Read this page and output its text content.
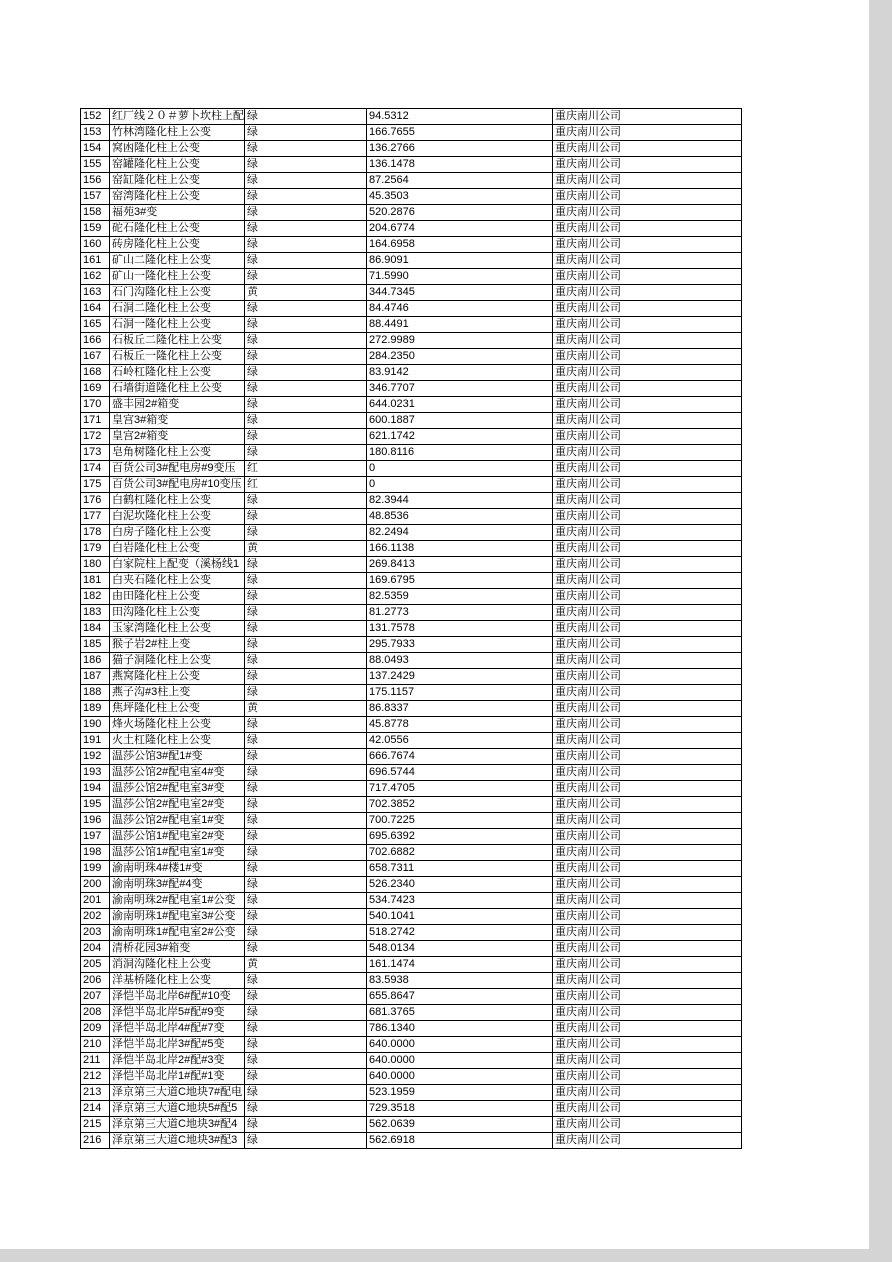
152	红厂线２０＃萝卜坎柱上配	绿	94.5312	重庆南川公司
153	竹林湾隆化柱上公变	绿	166.7655	重庆南川公司
154	窝凼隆化柱上公变	绿	136.2766	重庆南川公司
155	窑罐隆化柱上公变	绿	136.1478	重庆南川公司
156	窑缸隆化柱上公变	绿	87.2564	重庆南川公司
157	窑湾隆化柱上公变	绿	45.3503	重庆南川公司
158	福苑3#变	绿	520.2876	重庆南川公司
159	砣石隆化柱上公变	绿	204.6774	重庆南川公司
160	砖房隆化柱上公变	绿	164.6958	重庆南川公司
161	矿山二隆化柱上公变	绿	86.9091	重庆南川公司
162	矿山一隆化柱上公变	绿	71.5990	重庆南川公司
163	石门沟隆化柱上公变	黄	344.7345	重庆南川公司
164	石洞二隆化柱上公变	绿	84.4746	重庆南川公司
165	石洞一隆化柱上公变	绿	88.4491	重庆南川公司
166	石板丘二隆化柱上公变	绿	272.9989	重庆南川公司
167	石板丘一隆化柱上公变	绿	284.2350	重庆南川公司
168	石岭杠隆化柱上公变	绿	83.9142	重庆南川公司
169	石墙街道隆化柱上公变	绿	346.7707	重庆南川公司
170	盛丰园2#箱变	绿	644.0231	重庆南川公司
171	皇宫3#箱变	绿	600.1887	重庆南川公司
172	皇宫2#箱变	绿	621.1742	重庆南川公司
173	皂角树隆化柱上公变	绿	180.8116	重庆南川公司
174	百货公司3#配电房#9变压	红	0	重庆南川公司
175	百货公司3#配电房#10变压	红	0	重庆南川公司
176	白鹤杠隆化柱上公变	绿	82.3944	重庆南川公司
177	白泥坎隆化柱上公变	绿	48.8536	重庆南川公司
178	白房子隆化柱上公变	绿	82.2494	重庆南川公司
179	白岩隆化柱上公变	黄	166.1138	重庆南川公司
180	白家院柱上配变（溪杨线1	绿	269.8413	重庆南川公司
181	白夹石隆化柱上公变	绿	169.6795	重庆南川公司
182	由田隆化柱上公变	绿	82.5359	重庆南川公司
183	田沟隆化柱上公变	绿	81.2773	重庆南川公司
184	玉家湾隆化柱上公变	绿	131.7578	重庆南川公司
185	猴子岩2#柱上变	绿	295.7933	重庆南川公司
186	猫子洞隆化柱上公变	绿	88.0493	重庆南川公司
187	燕窝隆化柱上公变	绿	137.2429	重庆南川公司
188	燕子沟#3柱上变	绿	175.1157	重庆南川公司
189	焦坪隆化柱上公变	黄	86.8337	重庆南川公司
190	烽火场隆化柱上公变	绿	45.8778	重庆南川公司
191	火土杠隆化柱上公变	绿	42.0556	重庆南川公司
192	温莎公馆3#配1#变	绿	666.7674	重庆南川公司
193	温莎公馆2#配电室4#变	绿	696.5744	重庆南川公司
194	温莎公馆2#配电室3#变	绿	717.4705	重庆南川公司
195	温莎公馆2#配电室2#变	绿	702.3852	重庆南川公司
196	温莎公馆2#配电室1#变	绿	700.7225	重庆南川公司
197	温莎公馆1#配电室2#变	绿	695.6392	重庆南川公司
198	温莎公馆1#配电室1#变	绿	702.6882	重庆南川公司
199	渝南明珠4#楼1#变	绿	658.7311	重庆南川公司
200	渝南明珠3#配#4变	绿	526.2340	重庆南川公司
201	渝南明珠2#配电室1#公变	绿	534.7423	重庆南川公司
202	渝南明珠1#配电室3#公变	绿	540.1041	重庆南川公司
203	渝南明珠1#配电室2#公变	绿	518.2742	重庆南川公司
204	清桥花园3#箱变	绿	548.0134	重庆南川公司
205	消洞沟隆化柱上公变	黄	161.1474	重庆南川公司
206	洋基桥隆化柱上公变	绿	83.5938	重庆南川公司
207	泽恺半岛北岸6#配#10变	绿	655.8647	重庆南川公司
208	泽恺半岛北岸5#配#9变	绿	681.3765	重庆南川公司
209	泽恺半岛北岸4#配#7变	绿	786.1340	重庆南川公司
210	泽恺半岛北岸3#配#5变	绿	640.0000	重庆南川公司
211	泽恺半岛北岸2#配#3变	绿	640.0000	重庆南川公司
212	泽恺半岛北岸1#配#1变	绿	640.0000	重庆南川公司
213	泽京第三大道C地块7#配电	绿	523.1959	重庆南川公司
214	泽京第三大道C地块5#配5	绿	729.3518	重庆南川公司
215	泽京第三大道C地块3#配4	绿	562.0639	重庆南川公司
216	泽京第三大道C地块3#配3	绿	562.6918	重庆南川公司
